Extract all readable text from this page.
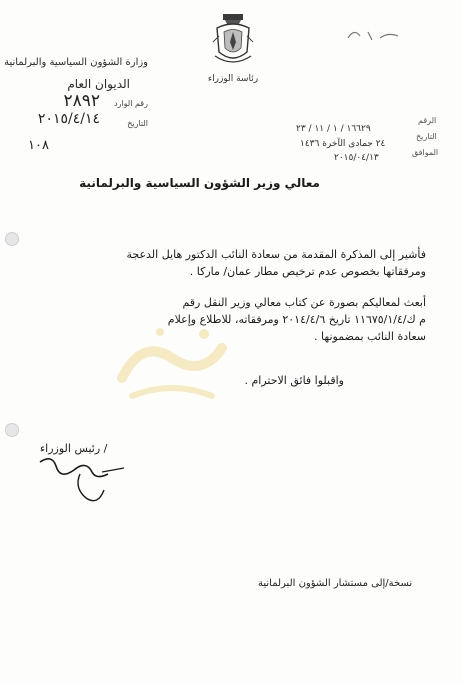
رئاسة الوزراء
وزارة الشؤون السياسية والبرلمانية
الديوان العام
رقم الوارد
٢٨٩٢
التاريخ
٢٠١٥/٤/١٤
١٠٨
الرقم
١٦٦٢٩ / ١ / ١١ / ٢٣
التاريخ
٢٤ جمادى الآخرة ١٤٣٦
الموافق
٢٠١٥/٠٤/١٣
معالي وزير الشؤون السياسية والبرلمانية
فأشير إلى المذكرة المقدمة من سعادة النائب الدكتور هايل الدعجة
ومرفقاتها بخصوص عدم ترخيص مطار عمان/ ماركا .
أبعث لمعاليكم بصورة عن كتاب معالي وزير النقل رقم
م ك/١١٦٧٥/١/٤ تاريخ ٢٠١٤/٤/٦ ومرفقاته، للاطلاع وإعلام
سعادة النائب بمضمونها .
واقبلوا فائق الاحترام .
/ رئيس الوزراء
نسخة/إلى مستشار الشؤون البرلمانية
